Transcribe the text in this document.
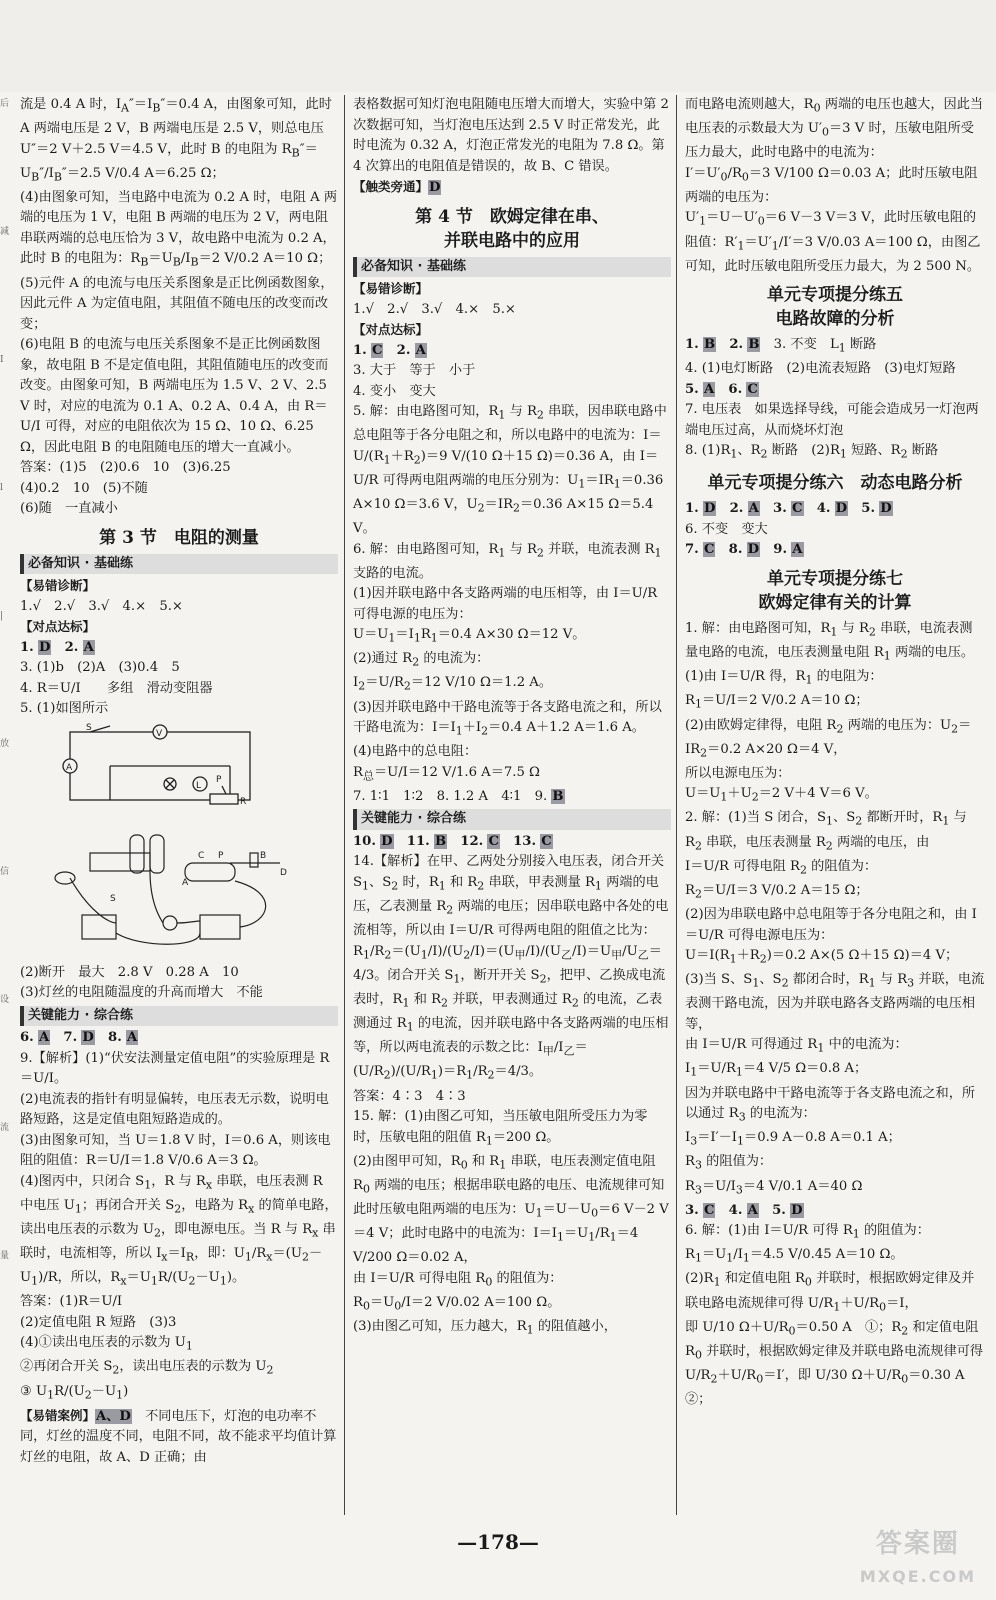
后
减
I
l
|
放
信
设
流
量
流是 0.4 A 时，$I_A''=I_B''=0.4$ A，由图象可知，此时 A 两端电压是 2 V，B 两端电压是 2.5 V，则总电压 U″＝2 V＋2.5 V＝4.5 V，此时 B 的电阻为 $R_B''=U_B''/I_B''=2.5$ V/0.4 A＝6.25 Ω；
(4)由图象可知，当电路中电流为 0.2 A 时，电阻 A 两端的电压为 1 V，电阻 B 两端的电压为 2 V，两电阻串联两端的总电压恰为 3 V，故电路中电流为 0.2 A，此时 B 的电阻为：$R_B=U_B/I_B=2$ V/0.2 A＝10 Ω；
(5)元件 A 的电流与电压关系图象是正比例函数图象，因此元件 A 为定值电阻，其阻值不随电压的改变而改变；
(6)电阻 B 的电流与电压关系图象不是正比例函数图象，故电阻 B 不是定值电阻，其阻值随电压的改变而改变。由图象可知，B 两端电压为 1.5 V、2 V、2.5 V 时，对应的电流为 0.1 A、0.2 A、0.4 A，由 R＝U/I 可得，对应的电阻依次为 15 Ω、10 Ω、6.25 Ω，因此电阻 B 的电阻随电压的增大一直减小。
答案：(1)5　(2)0.6　10　(3)6.25
(4)0.2　10　(5)不随
(6)随　一直减小
第 3 节　电阻的测量
必备知识 · 基础练
【易错诊断】
1.√　2.√　3.√　4.×　5.×
【对点达标】
1. D　 2. A
3. (1)b　(2)A　(3)0.4　5
4. R＝U/I　　多组　滑动变阻器
5. (1)如图所示
S
V
A
L
P
R

S
C P	B
D
A
(2)断开　最大　2.8 V　0.28 A　10
(3)灯丝的电阻随温度的升高而增大　不能
关键能力 · 综合练
6. A　 7. D　 8. A
9.【解析】(1)“伏安法测量定值电阻”的实验原理是 R＝U/I。
(2)电流表的指针有明显偏转，电压表无示数，说明电路短路，这是定值电阻短路造成的。
(3)由图象可知，当 U＝1.8 V 时，I＝0.6 A，则该电阻的阻值：R＝U/I＝1.8 V/0.6 A＝3 Ω。
(4)图丙中，只闭合 $S_1$，R 与 $R_x$ 串联，电压表测 R 中电压 $U_1$；再闭合开关 $S_2$，电路为 $R_x$ 的简单电路，读出电压表的示数为 $U_2$，即电源电压。当 R 与 $R_x$ 串联时，电流相等，所以 $I_x=I_R$，即：$U_1/R_x=(U_2-U_1)/R$，所以，$R_x=U_1R/(U_2-U_1)$。
答案：(1)R＝U/I
(2)定值电阻 R 短路　(3)3
(4)①读出电压表的示数为 $U_1$
②再闭合开关 $S_2$，读出电压表的示数为 $U_2$
③ $U_1R/(U_2-U_1)$
【易错案例】A、D　 不同电压下，灯泡的电功率不同，灯丝的温度不同，电阻不同，故不能求平均值计算灯丝的电阻，故 A、D 正确；由
表格数据可知灯泡电阻随电压增大而增大，实验中第 2 次数据可知，当灯泡电压达到 2.5 V 时正常发光，此时电流为 0.32 A，灯泡正常发光的电阻为 7.8 Ω。第 4 次算出的电阻值是错误的，故 B、C 错误。
【触类旁通】D
第 4 节　欧姆定律在串、
并联电路中的应用
必备知识 · 基础练
【易错诊断】
1.√　2.√　3.√　4.×　5.×
【对点达标】
1. C　 2. A
3. 大于　等于　小于
4. 变小　变大
5. 解：由电路图可知，$R_1$ 与 $R_2$ 串联，因串联电路中总电阻等于各分电阻之和，所以电路中的电流为：$I=U/(R_1+R_2)=9$ V/(10 Ω＋15 Ω)＝0.36 A，由 I＝U/R 可得两电阻两端的电压分别为：$U_1=IR_1=0.36$ A×10 Ω＝3.6 V，$U_2=IR_2=0.36$ A×15 Ω＝5.4 V。
6. 解：由电路图可知，$R_1$ 与 $R_2$ 并联，电流表测 $R_1$ 支路的电流。
(1)因并联电路中各支路两端的电压相等，由 I＝U/R
可得电源的电压为：
$U=U_1=I_1R_1=0.4$ A×30 Ω＝12 V。
(2)通过 $R_2$ 的电流为：
$I_2=U/R_2=12$ V/10 Ω＝1.2 A。
(3)因并联电路中干路电流等于各支路电流之和，所以干路电流为：$I=I_1+I_2=0.4$ A＋1.2 A＝1.6 A。
(4)电路中的总电阻：
$R_总=U/I=12$ V/1.6 A＝7.5 Ω
7. 1∶1　1∶2　8. 1.2 A　4∶1　9. B
关键能力 · 综合练
10. D　 11. B　 12. C　 13. C
14.【解析】在甲、乙两处分别接入电压表，闭合开关 $S_1$、$S_2$ 时，$R_1$ 和 $R_2$ 串联，甲表测量 $R_1$ 两端的电压，乙表测量 $R_2$ 两端的电压；因串联电路中各处的电流相等，所以由 I＝U/R 可得两电阻的阻值之比为：$R_1/R_2=(U_1/I)/(U_2/I)=(U_甲/I)/(U_乙/I)=U_甲/U_乙=4/3$。闭合开关 $S_1$，断开开关 $S_2$，把甲、乙换成电流表时，$R_1$ 和 $R_2$ 并联，甲表测通过 $R_2$ 的电流，乙表测通过 $R_1$ 的电流，因并联电路中各支路两端的电压相等，所以两电流表的示数之比：$I_甲/I_乙=(U/R_2)/(U/R_1)=R_1/R_2=4/3$。
答案：4∶3　4∶3
15. 解：(1)由图乙可知，当压敏电阻所受压力为零时，压敏电阻的阻值 $R_1=200$ Ω。
(2)由图甲可知，$R_0$ 和 $R_1$ 串联，电压表测定值电阻 $R_0$ 两端的电压；根据串联电路的电压、电流规律可知此时压敏电阻两端的电压为：$U_1=U-U_0=6$ V－2 V＝4 V；此时电路中的电流为：$I=I_1=U_1/R_1=4$ V/200 Ω＝0.02 A，
由 I＝U/R 可得电阻 $R_0$ 的阻值为：
$R_0=U_0/I=2$ V/0.02 A＝100 Ω。
(3)由图乙可知，压力越大，$R_1$ 的阻值越小，
而电路电流则越大，$R_0$ 两端的电压也越大，因此当电压表的示数最大为 $U'_0=3$ V 时，压敏电阻所受压力最大，此时电路中的电流为：
$I'=U'_0/R_0=3$ V/100 Ω＝0.03 A；此时压敏电阻两端的电压为：
$U'_1=U-U'_0=6$ V－3 V＝3 V，此时压敏电阻的阻值：$R'_1=U'_1/I'=3$ V/0.03 A＝100 Ω，由图乙可知，此时压敏电阻所受压力最大，为 2 500 N。
单元专项提分练五
电路故障的分析
1. B　 2. B　 3. 不变　$L_1$ 断路
4. (1)电灯断路　(2)电流表短路　(3)电灯短路
5. A　 6. C
7. 电压表　如果选择导线，可能会造成另一灯泡两端电压过高，从而烧坏灯泡
8. $(1)R_1$、$R_2$ 断路　$(2)R_1$ 短路、$R_2$ 断路
单元专项提分练六　动态电路分析
1. D　 2. A　 3. C　 4. D　 5. D
6. 不变　变大
7. C　 8. D　 9. A
单元专项提分练七
欧姆定律有关的计算
1. 解：由电路图可知，$R_1$ 与 $R_2$ 串联，电流表测量电路的电流，电压表测量电阻 $R_1$ 两端的电压。
(1)由 I＝U/R 得，$R_1$ 的电阻为：
$R_1=U/I=2$ V/0.2 A＝10 Ω；
(2)由欧姆定律得，电阻 $R_2$ 两端的电压为：$U_2=IR_2=0.2$ A×20 Ω＝4 V，
所以电源电压为：
$U=U_1+U_2=2$ V＋4 V＝6 V。
2. 解：(1)当 S 闭合，$S_1$、$S_2$ 都断开时，$R_1$ 与 $R_2$ 串联，电压表测量 $R_2$ 两端的电压，由
I＝U/R 可得电阻 $R_2$ 的阻值为：
$R_2=U/I=3$ V/0.2 A＝15 Ω；
(2)因为串联电路中总电阻等于各分电阻之和，由 I＝U/R 可得电源电压为：
$U=I(R_1+R_2)=0.2$ A×(5 Ω＋15 Ω)＝4 V；
(3)当 S、$S_1$、$S_2$ 都闭合时，$R_1$ 与 $R_3$ 并联，电流表测干路电流，因为并联电路各支路两端的电压相等，
由 I＝U/R 可得通过 $R_1$ 中的电流为：
$I_1=U/R_1=4$ V/5 Ω＝0.8 A；
因为并联电路中干路电流等于各支路电流之和，所以通过 $R_3$ 的电流为：
$I_3=I'-I_1=0.9$ A－0.8 A＝0.1 A；
$R_3$ 的阻值为：
$R_3=U/I_3=4$ V/0.1 A＝40 Ω
3. C　 4. A　 5. D
6. 解：(1)由 I＝U/R 可得 $R_1$ 的阻值为：
$R_1=U_1/I_1=4.5$ V/0.45 A＝10 Ω。
$(2)R_1$ 和定值电阻 $R_0$ 并联时，根据欧姆定律及并联电路电流规律可得 $U/R_1+U/R_0=I$，
即 U/10 $\Omega+U/R_0=0.50$ A　①；$R_2$ 和定值电阻 $R_0$ 并联时，根据欧姆定律及并联电路电流规律可得 $U/R_2+U/R_0=I'$，即 U/30 $\Omega+U/R_0=0.30$ A　②；
—178—	答案圈
MXQE.COM
